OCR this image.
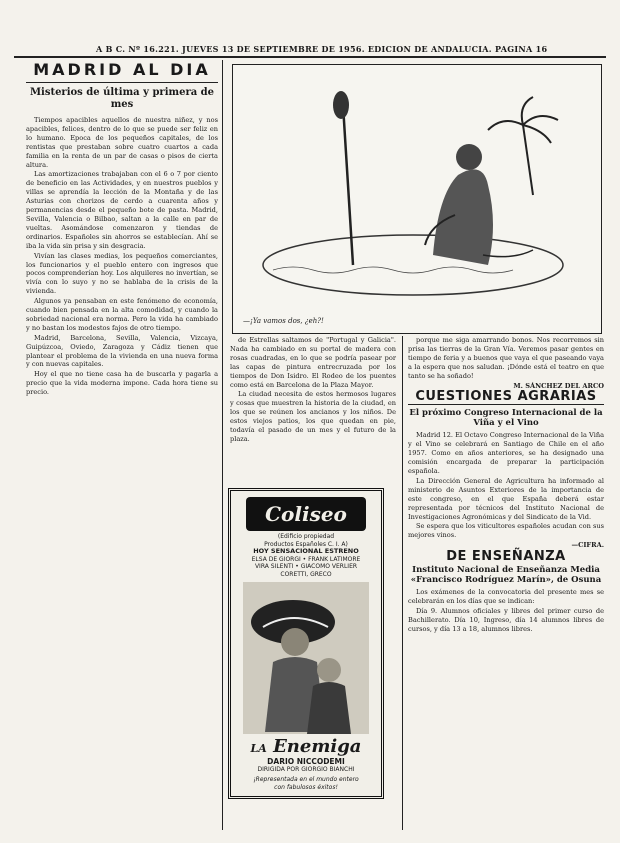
A B C. Nº 16.221. JUEVES 13 DE SEPTIEMBRE DE 1956. EDICION DE ANDALUCIA. PAGINA 16
MADRID AL DIA
Misterios de última y primera de mes

Tiempos apacibles aquellos de nuestra niñez, y nos apacibles, felices, dentro de lo que se puede ser feliz en lo humano. Epoca de los pequeños capitales, de los rentistas que prestaban sobre cuatro cuartos a cada familia en la renta de un par de casas o pisos de cierta altura.

Las amortizaciones trabajaban con el 6 o 7 por ciento de beneficio en las Actividades, y en nuestros pueblos y villas se aprendía la lección de la Montaña y de las Asturias con chorizos de cerdo a cuarenta años y permanencias desde el pequeño bote de pasta. Madrid, Sevilla, Valencia o Bilbao, saltan a la calle en par de vueltas. Asomándose comenzaron y tiendas de ordinarios. Españoles sin ahorros se establecían. Ahí se iba la vida sin prisa y sin desgracia.

Vivían las clases medias, los pequeños comerciantes, los funcionarios y el pueblo entero con ingresos que pocos comprenderían hoy. Los alquileres no invertían, se vivía con lo suyo y no se hablaba de la crisis de la vivienda.

Algunos ya pensaban en este fenómeno de economía, cuando bien pensada en la alta comodidad, y cuando la sobriedad nacional era norma. Pero la vida ha cambiado y no bastan los modestos fajos de otro tiempo.

Madrid, Barcelona, Sevilla, Valencia, Vizcaya, Guipúzcoa, Oviedo, Zaragoza y Cádiz tienen que plantear el problema de la vivienda en una nueva forma y con nuevas capitales.

Hoy el que no tiene casa ha de buscarla y pagarla a precio que la vida moderna impone. Cada hora tiene su precio.

—¡Ya vamos dos, ¿eh?!

de Estrellas saltamos de "Portugal y Galicia". Nada ha cambiado en su portal de madera con rosas cuadradas, en lo que se podría pasear por las capas de pintura entrecruzada por los tiempos de Don Isidro. El Rodeo de los puentes como está en Barcelona de la Plaza Mayor.

La ciudad necesita de estos hermosos lugares y cosas que muestren la historia de la ciudad, en los que se reúnen los ancianos y los niños. De estos viejos patios, los que quedan en pie, todavía el pasado de un mes y el futuro de la plaza.

Coliseo
(Edificio propiedad
Productos Españoles C. I. A)
HOY SENSACIONAL ESTRENO
ELSA DE GIORGI • FRANK LATIMORE
VIRA SILENTI • GIACOMO VERLIER
CORETTI, GRECO
LA Enemiga
DARIO NICCODEMI
DIRIGIDA POR GIORGIO BIANCHI
¡Representada en el mundo entero
con fabulosos éxitos!

porque me siga amarrando bonos. Nos recorremos sin prisa las tierras de la Gran Vía. Veremos pasar gentes en tiempo de feria y a buenos que vaya el que paseando vaya a la espera que nos saludan. ¡Dónde está el teatro en que tanto se ha soñado!

M. SÁNCHEZ DEL ARCO
CUESTIONES AGRARIAS
El próximo Congreso Internacional de la Viña y el Vino

Madrid 12. El Octavo Congreso Internacional de la Viña y el Vino se celebrará en Santiago de Chile en el año 1957. Como en años anteriores, se ha designado una comisión encargada de preparar la participación española.

La Dirección General de Agricultura ha informado al ministerio de Asuntos Exteriores de la importancia de este congreso, en el que España deberá estar representada por técnicos del Instituto Nacional de Investigaciones Agronómicas y del Sindicato de la Vid.

Se espera que los viticultores españoles acudan con sus mejores vinos.

—CIFRA.
DE ENSEÑANZA
Instituto Nacional de Enseñanza Media «Francisco Rodríguez Marín», de Osuna

Los exámenes de la convocatoria del presente mes se celebrarán en los días que se indican:

Día 9. Alumnos oficiales y libres del primer curso de Bachillerato. Día 10, Ingreso, día 14 alumnos libres de cursos, y día 13 a 18, alumnos libres.
